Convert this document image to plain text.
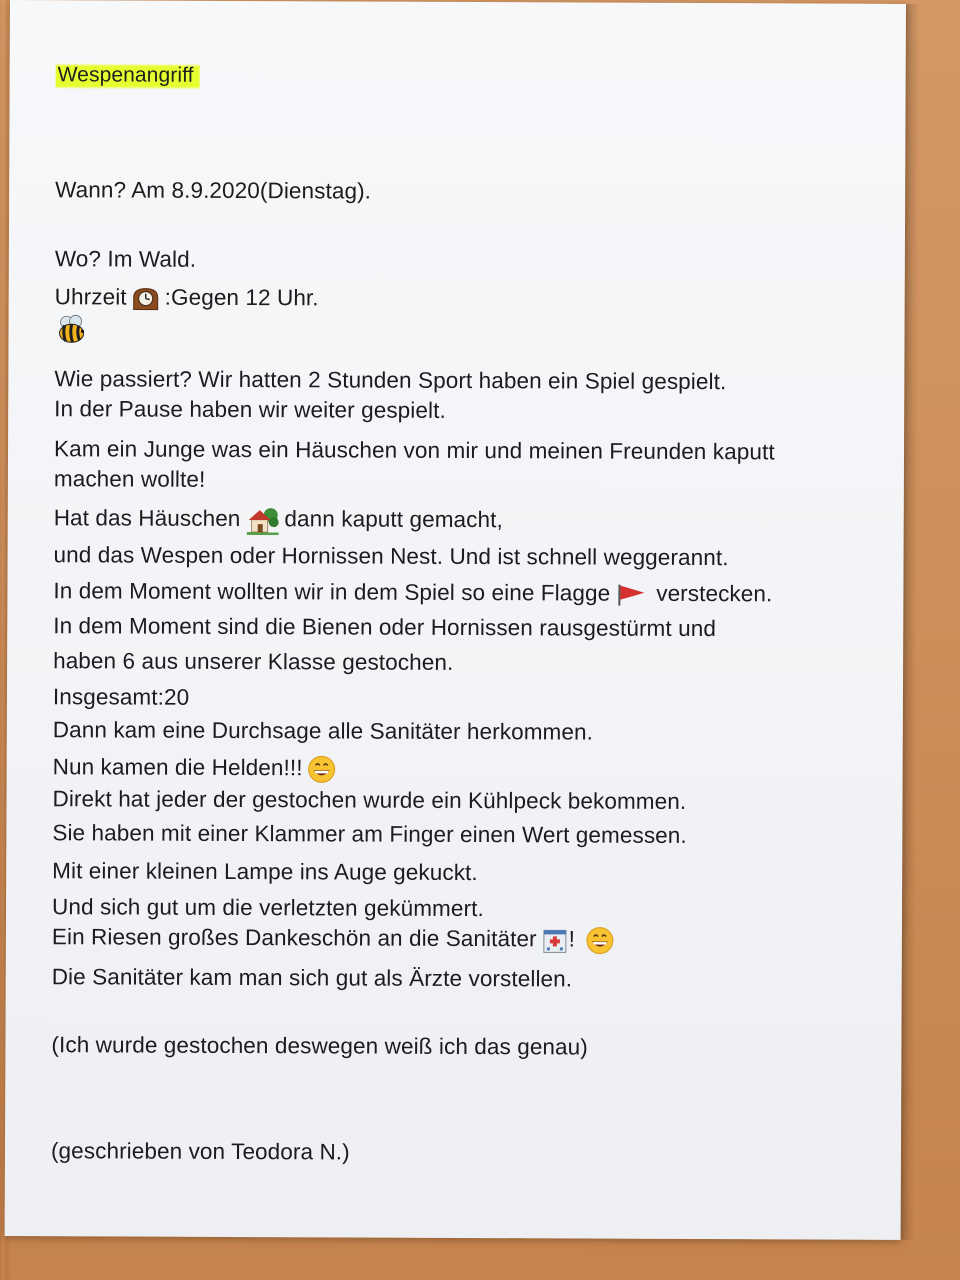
Wespenangriff
Wann? Am 8.9.2020(Dienstag).
Wo? Im Wald.
Uhrzeit :Gegen 12 Uhr.
Wie passiert? Wir hatten 2 Stunden Sport haben ein Spiel gespielt.
In der Pause haben wir weiter gespielt.
Kam ein Junge was ein Häuschen von mir und meinen Freunden kaputt
machen wollte!
Hat das Häuschen dann kaputt gemacht,
und das Wespen oder Hornissen Nest. Und ist schnell weggerannt.
In dem Moment wollten wir in dem Spiel so eine Flagge verstecken.
In dem Moment sind die Bienen oder Hornissen rausgestürmt und
haben 6 aus unserer Klasse gestochen.
Insgesamt:20
Dann kam eine Durchsage alle Sanitäter herkommen.
Nun kamen die Helden!!!
Direkt hat jeder der gestochen wurde ein Kühlpeck bekommen.
Sie haben mit einer Klammer am Finger einen Wert gemessen.
Mit einer kleinen Lampe ins Auge gekuckt.
Und sich gut um die verletzten gekümmert.
Ein Riesen großes Dankeschön an die Sanitäter !
Die Sanitäter kam man sich gut als Ärzte vorstellen.
(Ich wurde gestochen deswegen weiß ich das genau)
(geschrieben von Teodora N.)
